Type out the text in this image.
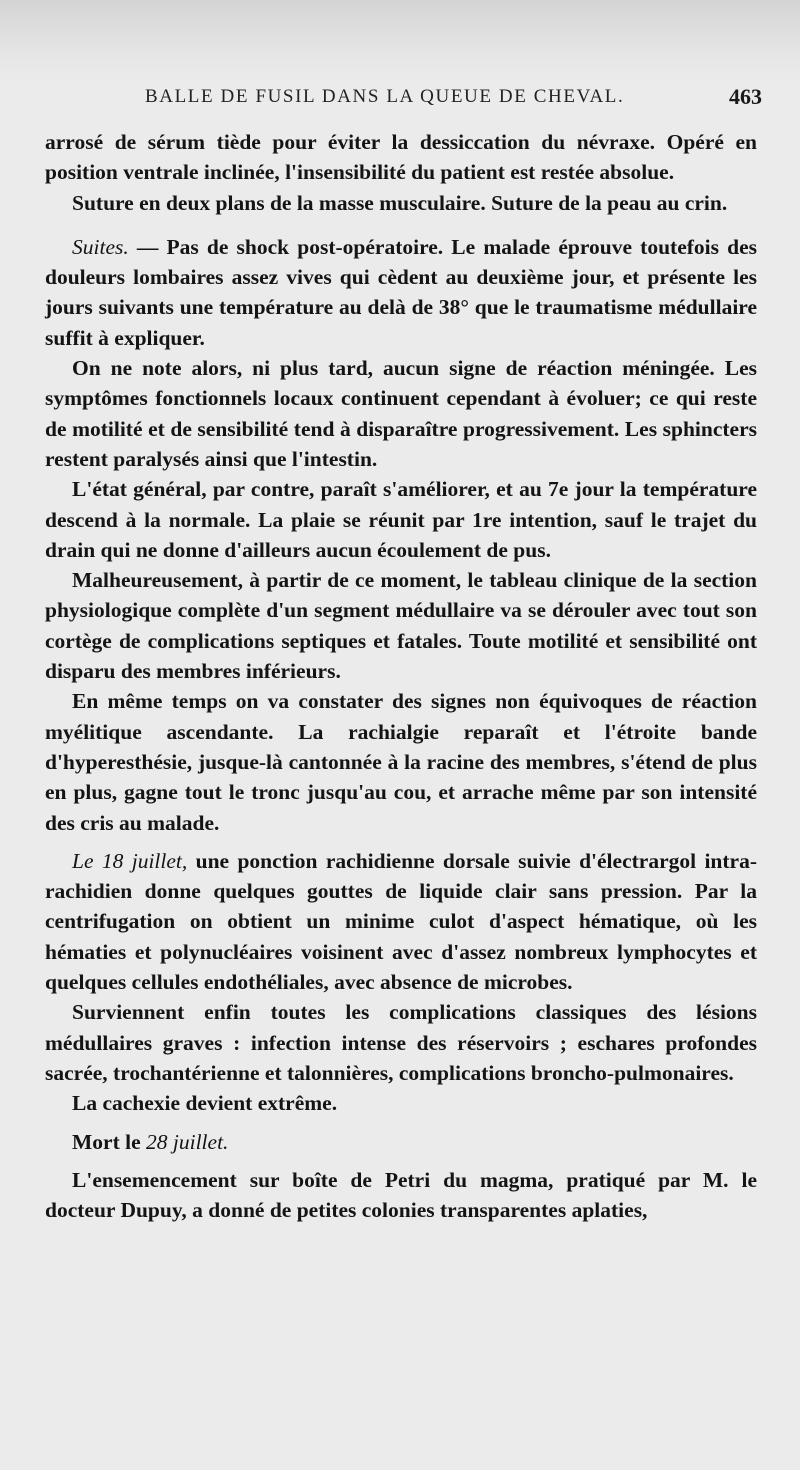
BALLE DE FUSIL DANS LA QUEUE DE CHEVAL.	463

arrosé de sérum tiède pour éviter la dessiccation du névraxe. Opéré en position ventrale inclinée, l'insensibilité du patient est restée absolue.

Suture en deux plans de la masse musculaire. Suture de la peau au crin.

Suites. — Pas de shock post-opératoire. Le malade éprouve toutefois des douleurs lombaires assez vives qui cèdent au deuxième jour, et présente les jours suivants une température au delà de 38° que le traumatisme médullaire suffit à expliquer.

On ne note alors, ni plus tard, aucun signe de réaction méningée. Les symptômes fonctionnels locaux continuent cependant à évoluer; ce qui reste de motilité et de sensibilité tend à disparaître progressivement. Les sphincters restent paralysés ainsi que l'intestin.

L'état général, par contre, paraît s'améliorer, et au 7e jour la température descend à la normale. La plaie se réunit par 1re intention, sauf le trajet du drain qui ne donne d'ailleurs aucun écoulement de pus.

Malheureusement, à partir de ce moment, le tableau clinique de la section physiologique complète d'un segment médullaire va se dérouler avec tout son cortège de complications septiques et fatales. Toute motilité et sensibilité ont disparu des membres inférieurs.

En même temps on va constater des signes non équivoques de réaction myélitique ascendante. La rachialgie reparaît et l'étroite bande d'hyperesthésie, jusque-là cantonnée à la racine des membres, s'étend de plus en plus, gagne tout le tronc jusqu'au cou, et arrache même par son intensité des cris au malade.

Le 18 juillet, une ponction rachidienne dorsale suivie d'électrargol intra-rachidien donne quelques gouttes de liquide clair sans pression. Par la centrifugation on obtient un minime culot d'aspect hématique, où les hématies et polynucléaires voisinent avec d'assez nombreux lymphocytes et quelques cellules endothéliales, avec absence de microbes.

Surviennent enfin toutes les complications classiques des lésions médullaires graves : infection intense des réservoirs ; eschares profondes sacrée, trochantérienne et talonnières, complications broncho-pulmonaires.

La cachexie devient extrême.

Mort le 28 juillet.

L'ensemencement sur boîte de Petri du magma, pratiqué par M. le docteur Dupuy, a donné de petites colonies transparentes aplaties,
